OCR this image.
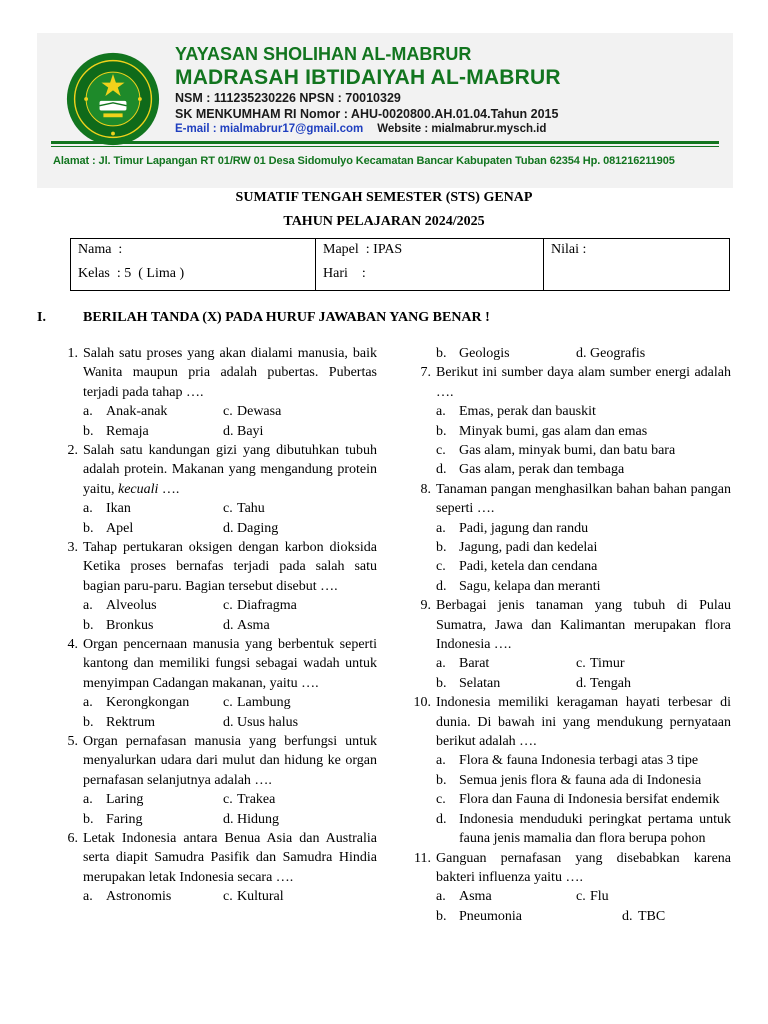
YAYASAN SHOLIHAN AL-MABRUR
MADRASAH IBTIDAIYAH AL-MABRUR
NSM : 111235230226 NPSN : 70010329
SK MENKUMHAM RI Nomor : AHU-0020800.AH.01.04.Tahun 2015
E-mail : mialmabrur17@gmail.com Website : mialmabrur.mysch.id
Alamat : Jl. Timur Lapangan RT 01/RW 01 Desa Sidomulyo Kecamatan Bancar Kabupaten Tuban 62354 Hp. 081216211905
SUMATIF TENGAH SEMESTER (STS) GENAP
TAHUN PELAJARAN 2024/2025
Nama  :
Kelas  : 5  ( Lima )
Mapel  : IPAS
Hari    :
Nilai :
I.	BERILAH TANDA (X) PADA HURUF JAWABAN YANG BENAR !
1. Salah satu proses yang akan dialami manusia, baik Wanita maupun pria adalah pubertas. Pubertas terjadi pada tahap ….
a. Anak-anak	c. Dewasa
b. Remaja	d. Bayi
2. Salah satu kandungan gizi yang dibutuhkan tubuh adalah protein. Makanan yang mengandung protein yaitu, kecuali ….
a. Ikan	c. Tahu
b. Apel	d. Daging
3. Tahap pertukaran oksigen dengan karbon dioksida Ketika proses bernafas terjadi pada salah satu bagian paru-paru. Bagian tersebut disebut ….
a. Alveolus	c. Diafragma
b. Bronkus	d. Asma
4. Organ pencernaan manusia yang berbentuk seperti kantong dan memiliki fungsi sebagai wadah untuk menyimpan Cadangan makanan, yaitu ….
a. Kerongkongan c. Lambung
b. Rektrum	d. Usus halus
5. Organ pernafasan manusia yang berfungsi untuk menyalurkan udara dari mulut dan hidung ke organ pernafasan selanjutnya adalah ….
a. Laring	c. Trakea
b. Faring	d. Hidung
6. Letak Indonesia antara Benua Asia dan Australia serta diapit Samudra Pasifik dan Samudra Hindia merupakan letak Indonesia secara ….
a. Astronomis	c. Kultural
b. Geologis	d. Geografis
7. Berikut ini sumber daya alam sumber energi adalah ….
a. Emas, perak dan bauskit
b. Minyak bumi, gas alam dan emas
c. Gas alam, minyak bumi, dan batu bara
d. Gas alam, perak dan tembaga
8. Tanaman pangan menghasilkan bahan bahan pangan seperti ….
a. Padi, jagung dan randu
b. Jagung, padi dan kedelai
c. Padi, ketela dan cendana
d. Sagu, kelapa dan meranti
9. Berbagai jenis tanaman yang tubuh di Pulau Sumatra, Jawa dan Kalimantan merupakan flora Indonesia ….
a. Barat	c. Timur
b. Selatan	d. Tengah
10. Indonesia memiliki keragaman hayati terbesar di dunia. Di bawah ini yang mendukung pernyataan berikut adalah ….
a. Flora & fauna Indonesia terbagi atas 3 tipe
b. Semua jenis flora & fauna ada di Indonesia
c. Flora dan Fauna di Indonesia bersifat endemik
d. Indonesia menduduki peringkat pertama untuk fauna jenis mamalia dan flora berupa pohon
11. Ganguan pernafasan yang disebabkan karena bakteri influenza yaitu ….
a. Asma	c. Flu
b. Pneumonia	d. TBC
